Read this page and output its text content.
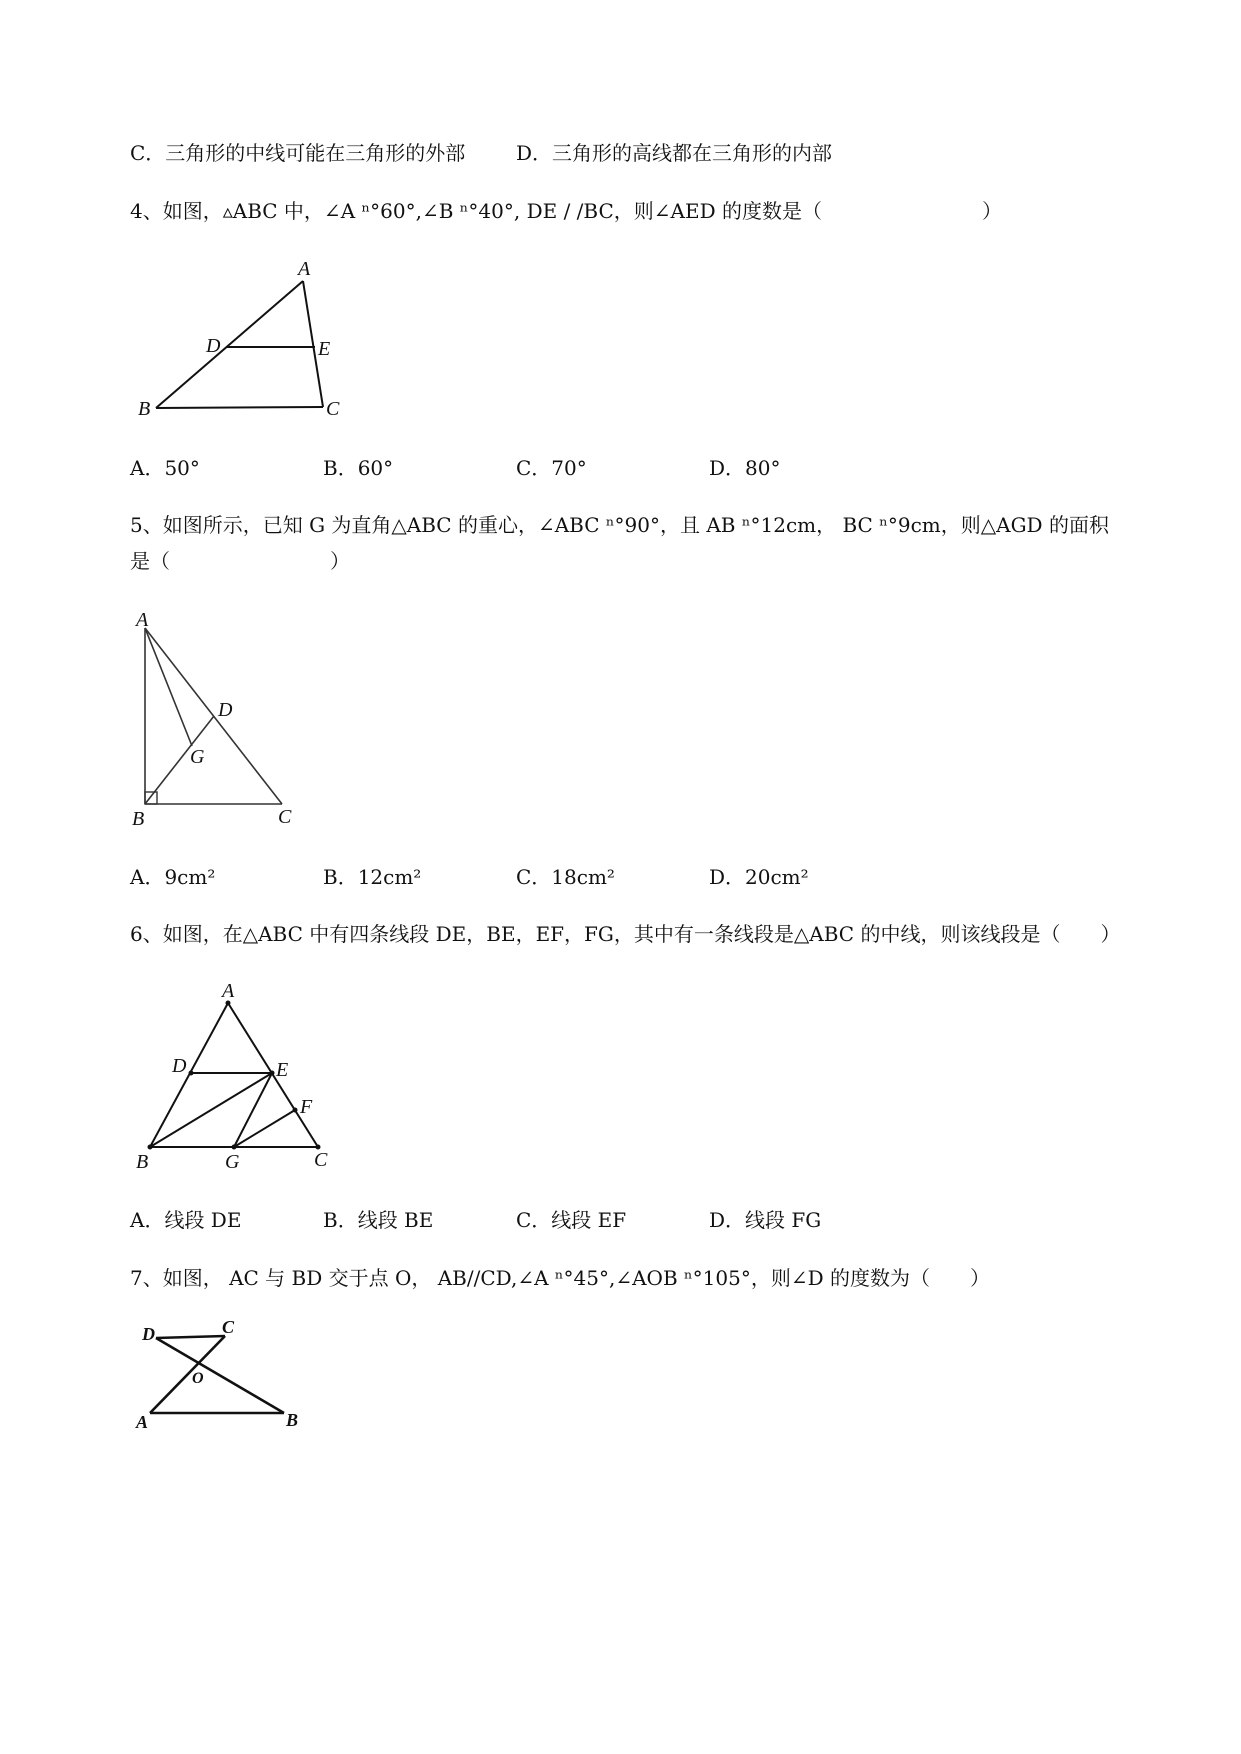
C．三角形的中线可能在三角形的外部	D．三角形的高线都在三角形的内部
4、如图，▵ABC 中，∠A ⁿ°60°,∠B ⁿ°40°, DE / /BC，则∠AED 的度数是（　　　　　　　　）
A
B	C
D	E
A．50°	B．60°	C．70°	D．80°
5、如图所示，已知 G 为直角△ABC 的重心，∠ABC ⁿ°90°，且 AB ⁿ°12cm， BC ⁿ°9cm，则△AGD 的面积
是（　　　　　　　　）
A
B	C
D
G
A．9cm²	B．12cm²	C．18cm²	D．20cm²
6、如图，在△ABC 中有四条线段 DE，BE，EF，FG，其中有一条线段是△ABC 的中线，则该线段是（　　）
A
B	C
D	E
F
G
A．线段 DE	B．线段 BE	C．线段 EF	D．线段 FG
7、如图， AC 与 BD 交于点 O， AB//CD,∠A ⁿ°45°,∠AOB ⁿ°105°，则∠D 的度数为（　　）
A	B
C
D
O
